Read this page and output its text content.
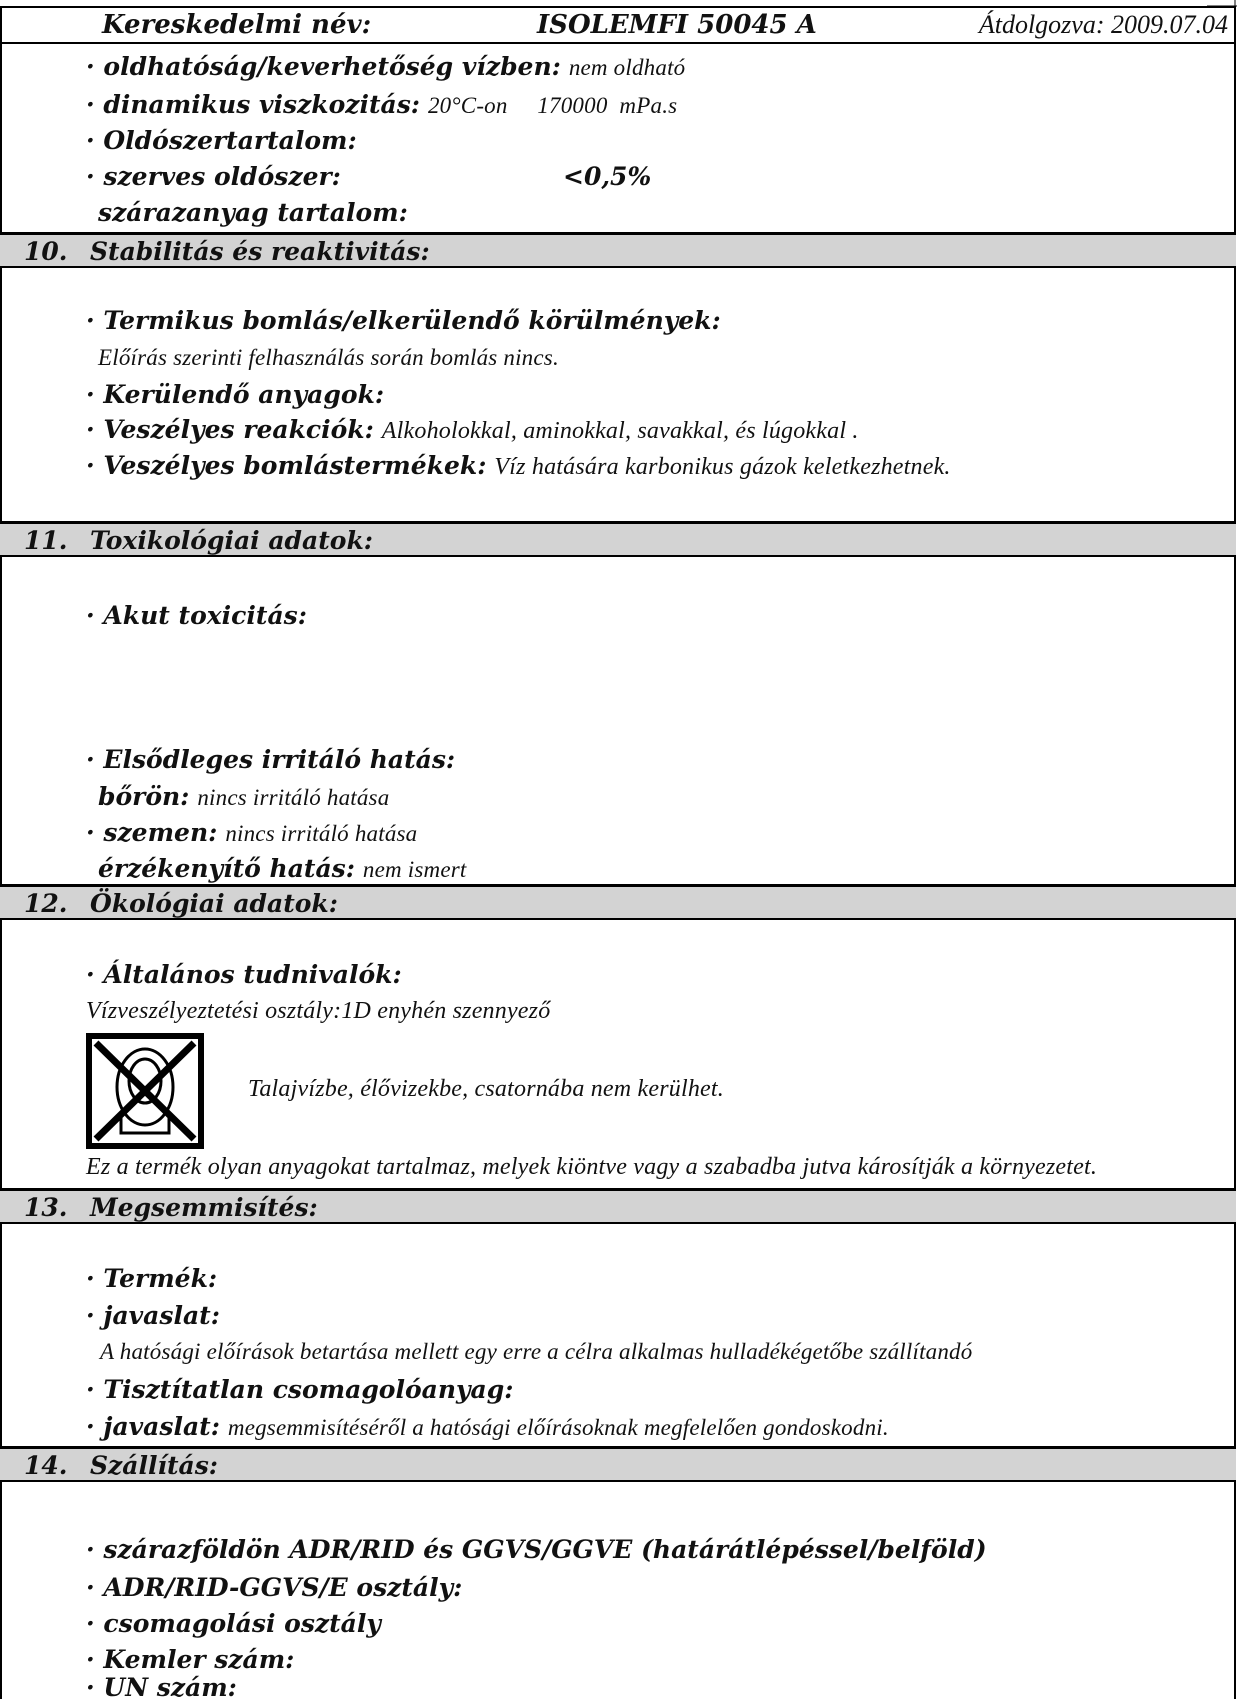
Kereskedelmi név:	ISOLEMFI 50045 A	Átdolgozva: 2009.07.04
· oldhatóság/keverhetőség vízben: nem oldható
· dinamikus viszkozitás: 20°C-on     170000  mPa.s
· Oldószertartalom:
· szerves oldószer:	<0,5%
szárazanyag tartalom:
10. Stabilitás és reaktivitás:
· Termikus bomlás/elkerülendő körülmények:
Előírás szerinti felhasználás során bomlás nincs.
· Kerülendő anyagok:
· Veszélyes reakciók: Alkoholokkal, aminokkal, savakkal, és lúgokkal .
· Veszélyes bomlástermékek: Víz hatására karbonikus gázok keletkezhetnek.
11. Toxikológiai adatok:
· Akut toxicitás:
· Elsődleges irritáló hatás:
bőrön: nincs irritáló hatása
· szemen: nincs irritáló hatása
érzékenyítő hatás: nem ismert
12. Ökológiai adatok:
· Általános tudnivalók:
Vízveszélyeztetési osztály:1D enyhén szennyező
Talajvízbe, élővizekbe, csatornába nem kerülhet.
Ez a termék olyan anyagokat tartalmaz, melyek kiöntve vagy a szabadba jutva károsítják a környezetet.
13. Megsemmisítés:
· Termék:
· javaslat:
A hatósági előírások betartása mellett egy erre a célra alkalmas hulladékégetőbe szállítandó
· Tisztítatlan csomagolóanyag:
· javaslat: megsemmisítéséről a hatósági előírásoknak megfelelően gondoskodni.
14. Szállítás:
· szárazföldön ADR/RID és GGVS/GGVE (határátlépéssel/belföld)
· ADR/RID-GGVS/E osztály:
· csomagolási osztály
· Kemler szám:
· UN szám:
